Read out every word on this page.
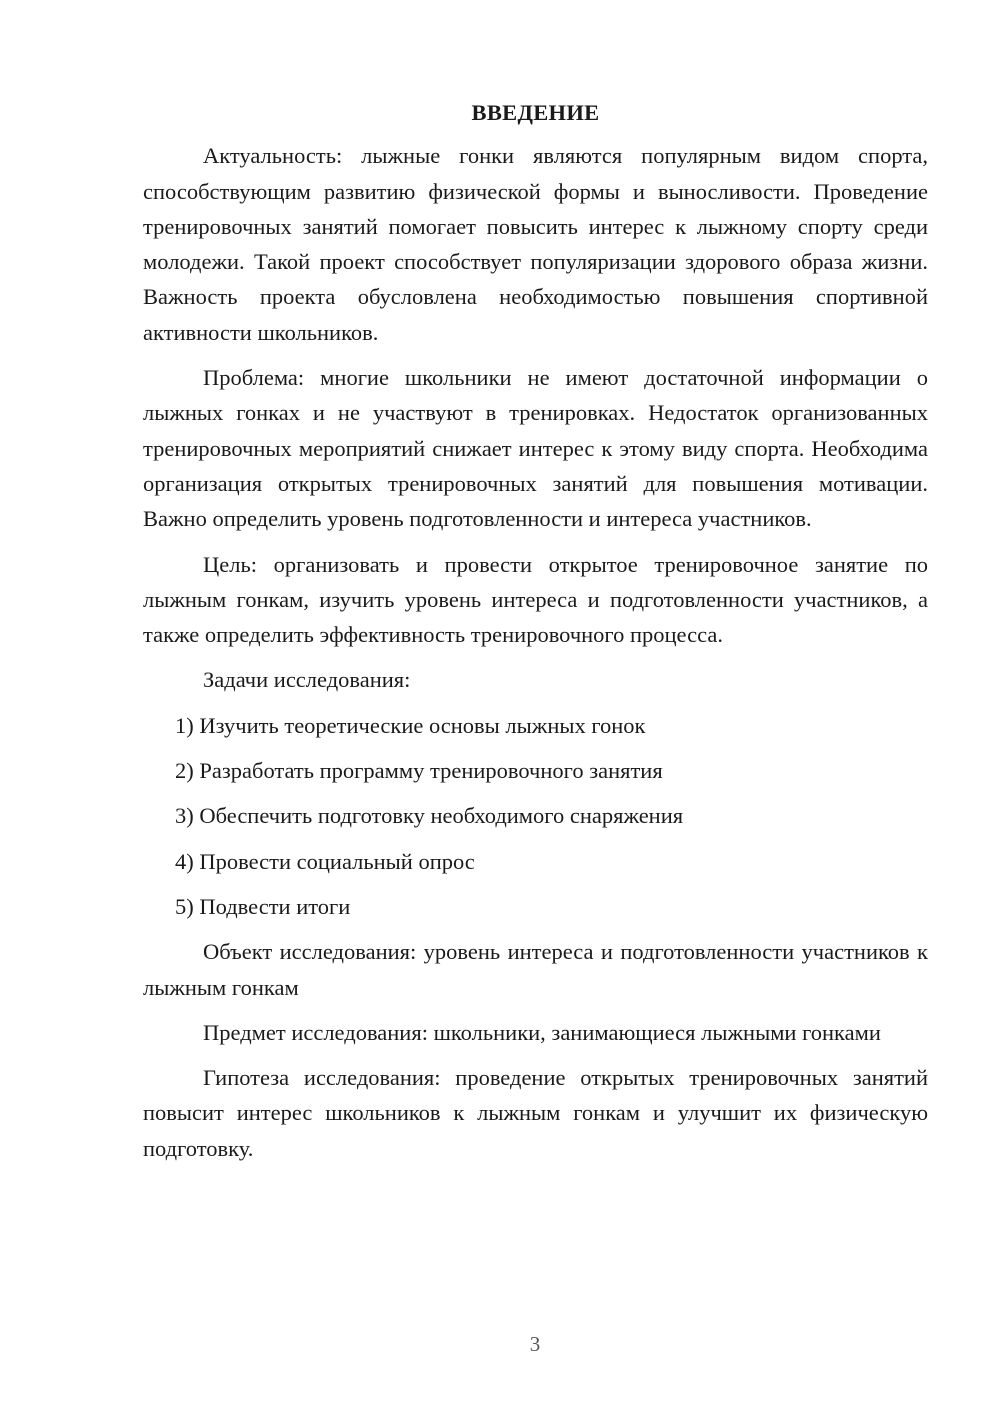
ВВЕДЕНИЕ

Актуальность: лыжные гонки являются популярным видом спорта, способствующим развитию физической формы и выносливости. Проведение тренировочных занятий помогает повысить интерес к лыжному спорту среди молодежи. Такой проект способствует популяризации здорового образа жизни. Важность проекта обусловлена необходимостью повышения спортивной активности школьников.

Проблема: многие школьники не имеют достаточной информации о лыжных гонках и не участвуют в тренировках. Недостаток организованных тренировочных мероприятий снижает интерес к этому виду спорта. Необходима организация открытых тренировочных занятий для повышения мотивации. Важно определить уровень подготовленности и интереса участников.

Цель: организовать и провести открытое тренировочное занятие по лыжным гонкам, изучить уровень интереса и подготовленности участников, а также определить эффективность тренировочного процесса.

Задачи исследования:

1) Изучить теоретические основы лыжных гонок
2) Разработать программу тренировочного занятия
3) Обеспечить подготовку необходимого снаряжения
4) Провести социальный опрос
5) Подвести итоги

Объект исследования: уровень интереса и подготовленности участников к лыжным гонкам

Предмет исследования: школьники, занимающиеся лыжными гонками

Гипотеза исследования: проведение открытых тренировочных занятий повысит интерес школьников к лыжным гонкам и улучшит их физическую подготовку.

3
